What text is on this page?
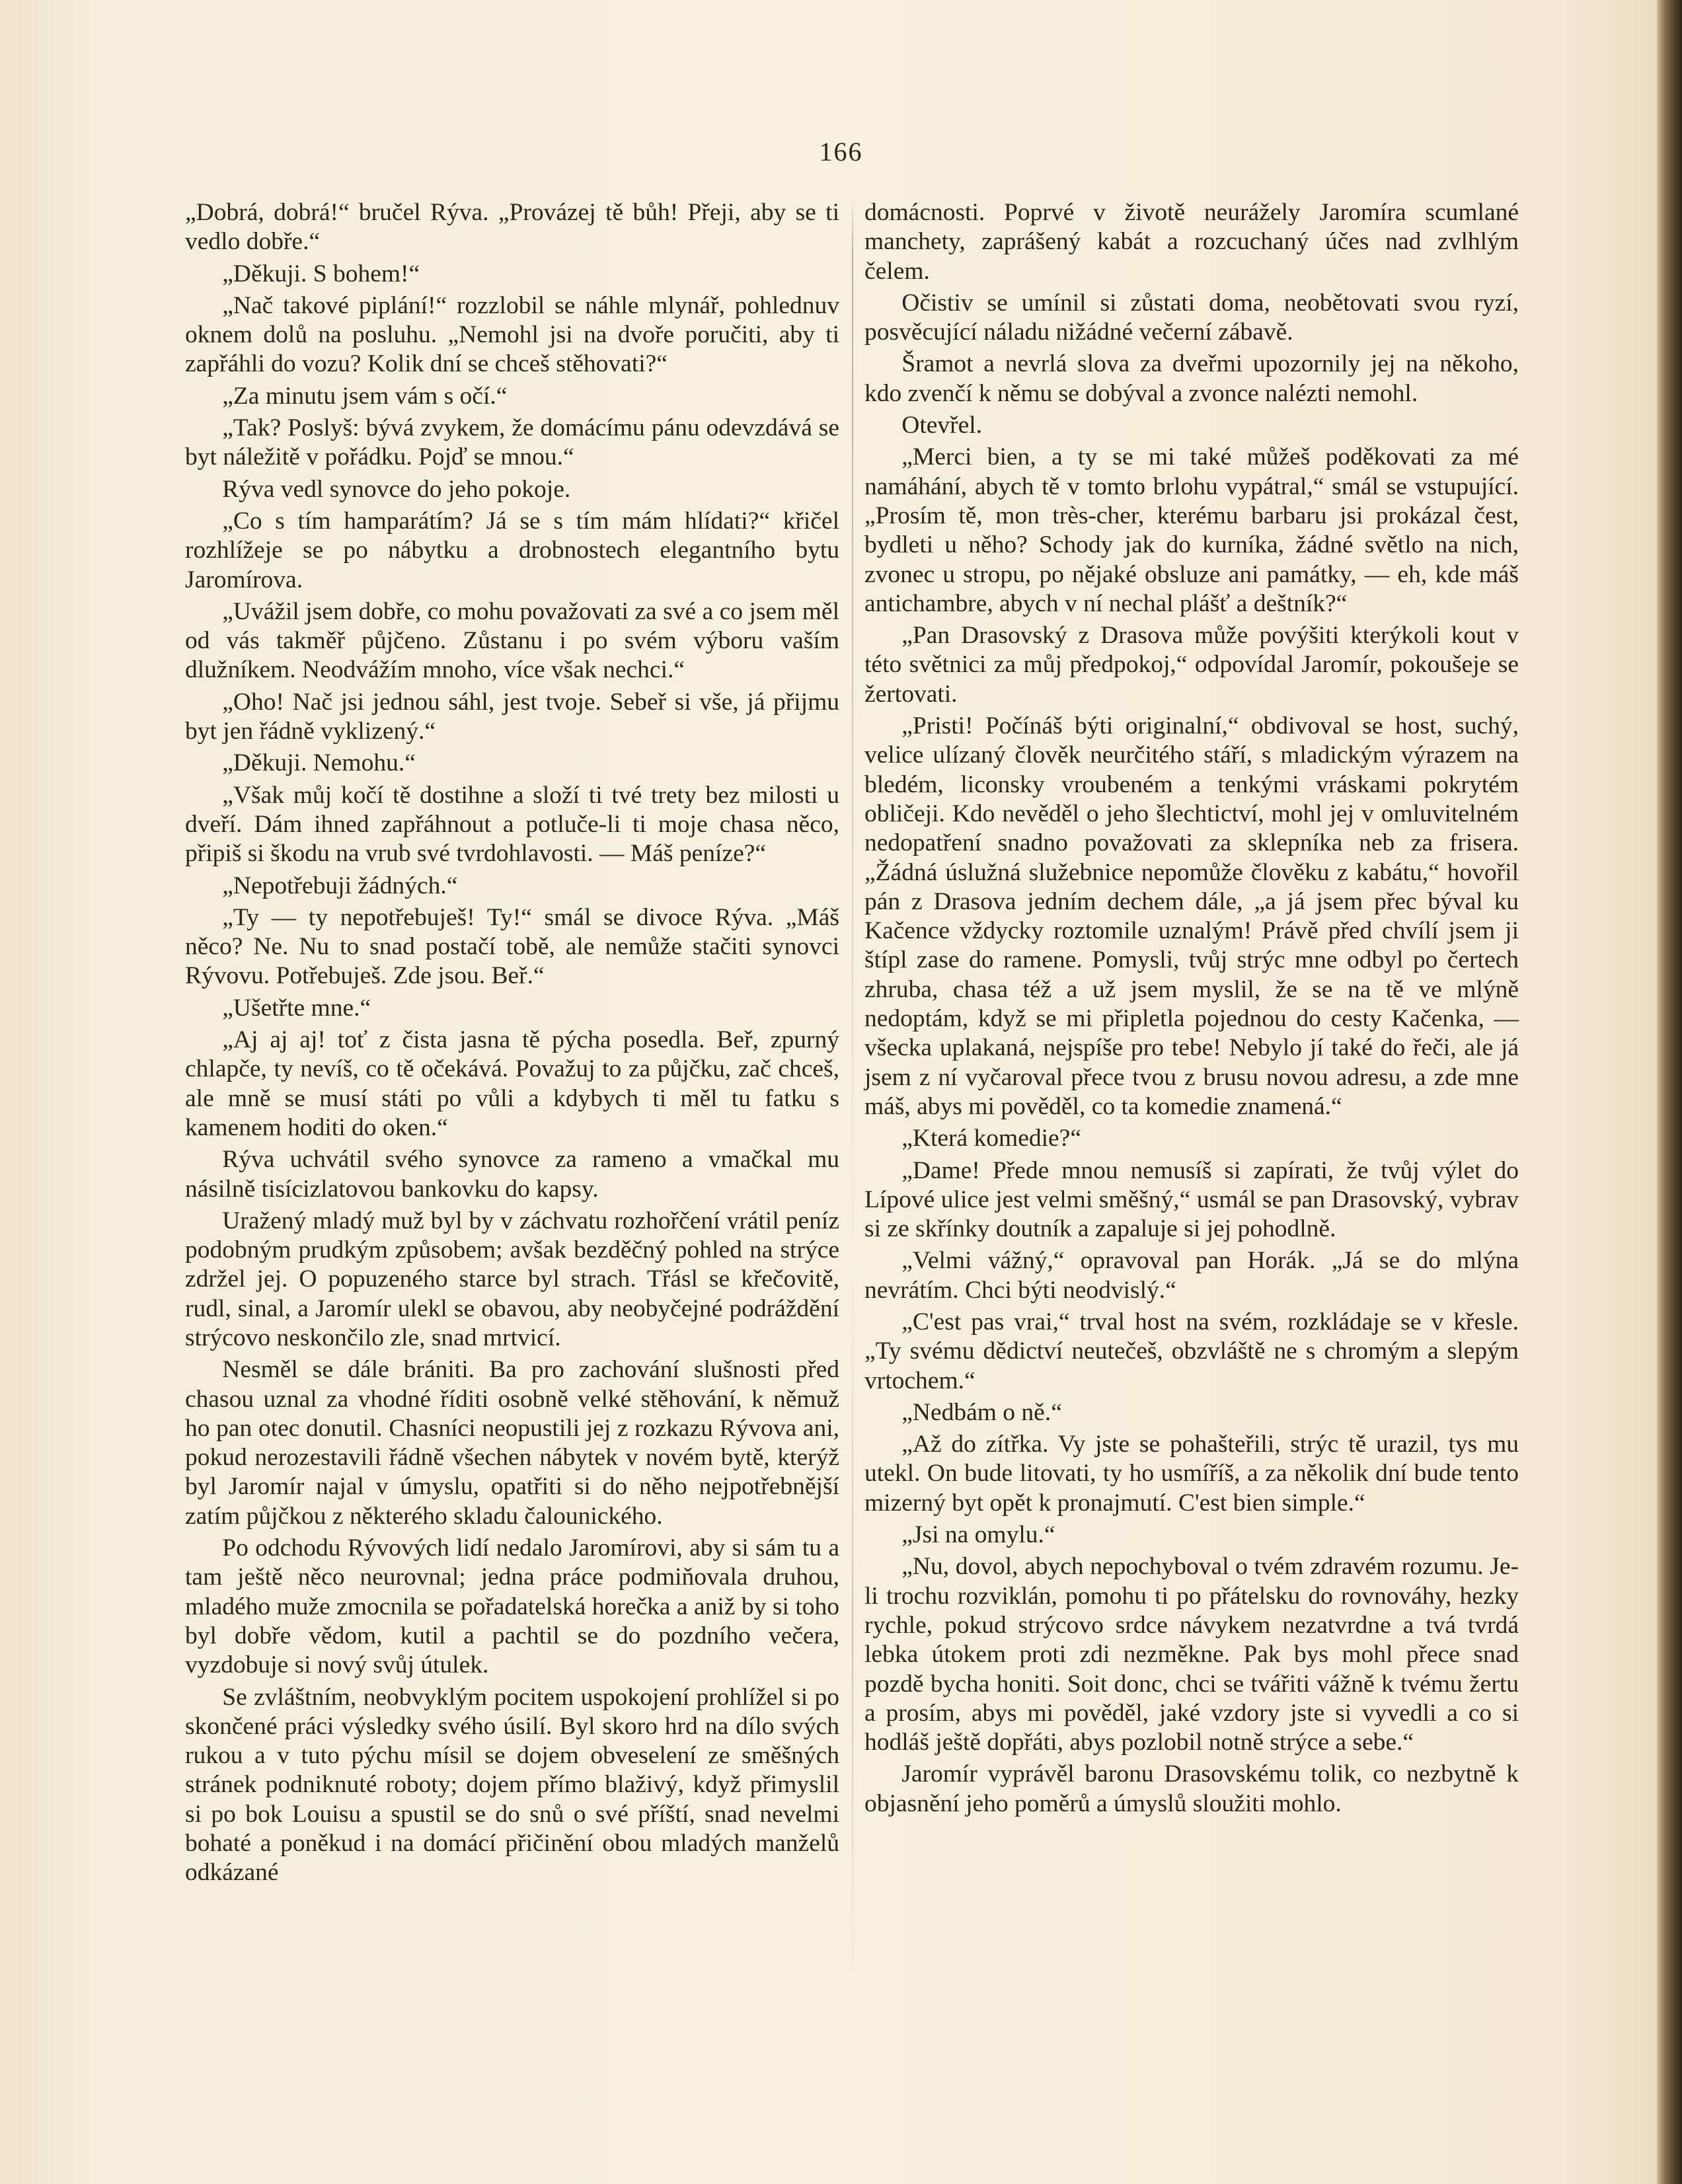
166

„Dobrá, dobrá!“ bručel Rýva. „Provázej tě bůh! Přeji, aby se ti vedlo dobře.“

„Děkuji. S bohem!“

„Nač takové piplání!“ rozzlobil se náhle mlynář, pohlednuv oknem dolů na posluhu. „Nemohl jsi na dvoře poručiti, aby ti zapřáhli do vozu? Kolik dní se chceš stěhovati?“

„Za minutu jsem vám s očí.“

„Tak? Poslyš: bývá zvykem, že domácímu pánu odevzdává se byt náležitě v pořádku. Pojď se mnou.“

Rýva vedl synovce do jeho pokoje.

„Co s tím hamparátím? Já se s tím mám hlídati?“ křičel rozhlížeje se po nábytku a drobnostech elegantního bytu Jaromírova.

„Uvážil jsem dobře, co mohu považovati za své a co jsem měl od vás takměř půjčeno. Zůstanu i po svém výboru vaším dlužníkem. Neodvážím mnoho, více však nechci.“

„Oho! Nač jsi jednou sáhl, jest tvoje. Sebeř si vše, já přijmu byt jen řádně vyklizený.“

„Děkuji. Nemohu.“

„Však můj kočí tě dostihne a složí ti tvé trety bez milosti u dveří. Dám ihned zapřáhnout a potluče-li ti moje chasa něco, připiš si škodu na vrub své tvrdohlavosti. — Máš peníze?“

„Nepotřebuji žádných.“

„Ty — ty nepotřebuješ! Ty!“ smál se divoce Rýva. „Máš něco? Ne. Nu to snad postačí tobě, ale nemůže stačiti synovci Rývovu. Potřebuješ. Zde jsou. Beř.“

„Ušetřte mne.“

„Aj aj aj! toť z čista jasna tě pýcha posedla. Beř, zpurný chlapče, ty nevíš, co tě očekává. Považuj to za půjčku, zač chceš, ale mně se musí státi po vůli a kdybych ti měl tu fatku s kamenem hoditi do oken.“

Rýva uchvátil svého synovce za rameno a vmačkal mu násilně tisícizlatovou bankovku do kapsy.

Uražený mladý muž byl by v záchvatu rozhořčení vrátil peníz podobným prudkým způsobem; avšak bezděčný pohled na strýce zdržel jej. O popuzeného starce byl strach. Třásl se křečovitě, rudl, sinal, a Jaromír ulekl se obavou, aby neobyčejné podráždění strýcovo neskončilo zle, snad mrtvicí.

Nesměl se dále brániti. Ba pro zachování slušnosti před chasou uznal za vhodné říditi osobně velké stěhování, k němuž ho pan otec donutil. Chasníci neopustili jej z rozkazu Rývova ani, pokud nerozestavili řádně všechen nábytek v novém bytě, kterýž byl Jaromír najal v úmyslu, opatřiti si do něho nejpotřebnější zatím půjčkou z některého skladu čalounického.

Po odchodu Rývových lidí nedalo Jaromírovi, aby si sám tu a tam ještě něco neurovnal; jedna práce podmiňovala druhou, mladého muže zmocnila se pořadatelská horečka a aniž by si toho byl dobře vědom, kutil a pachtil se do pozdního večera, vyzdobuje si nový svůj útulek.

Se zvláštním, neobvyklým pocitem uspokojení prohlížel si po skončené práci výsledky svého úsilí. Byl skoro hrd na dílo svých rukou a v tuto pýchu mísil se dojem obveselení ze směšných stránek podniknuté roboty; dojem přímo blaživý, když přimyslil si po bok Louisu a spustil se do snů o své příští, snad nevelmi bohaté a poněkud i na domácí přičinění obou mladých manželů odkázané

domácnosti. Poprvé v životě neurážely Jaromíra scumlané manchety, zaprášený kabát a rozcuchaný účes nad zvlhlým čelem.

Očistiv se umínil si zůstati doma, neobětovati svou ryzí, posvěcující náladu nižádné večerní zábavě.

Šramot a nevrlá slova za dveřmi upozornily jej na někoho, kdo zvenčí k němu se dobýval a zvonce nalézti nemohl.

Otevřel.

„Merci bien, a ty se mi také můžeš poděkovati za mé namáhání, abych tě v tomto brlohu vypátral,“ smál se vstupující. „Prosím tě, mon très-cher, kterému barbaru jsi prokázal čest, bydleti u něho? Schody jak do kurníka, žádné světlo na nich, zvonec u stropu, po nějaké obsluze ani památky, — eh, kde máš antichambre, abych v ní nechal plášť a deštník?“

„Pan Drasovský z Drasova může povýšiti kterýkoli kout v této světnici za můj předpokoj,“ odpovídal Jaromír, pokoušeje se žertovati.

„Pristi! Počínáš býti originalní,“ obdivoval se host, suchý, velice ulízaný člověk neurčitého stáří, s mladickým výrazem na bledém, liconsky vroubeném a tenkými vráskami pokrytém obličeji. Kdo nevěděl o jeho šlechtictví, mohl jej v omluvitelném nedopatření snadno považovati za sklepníka neb za frisera. „Žádná úslužná služebnice nepomůže člověku z kabátu,“ hovořil pán z Drasova jedním dechem dále, „a já jsem přec býval ku Kačence vždycky roztomile uznalým! Právě před chvílí jsem ji štípl zase do ramene. Pomysli, tvůj strýc mne odbyl po čertech zhruba, chasa též a už jsem myslil, že se na tě ve mlýně nedoptám, když se mi připletla pojednou do cesty Kačenka, — všecka uplakaná, nejspíše pro tebe! Nebylo jí také do řeči, ale já jsem z ní vyčaroval přece tvou z brusu novou adresu, a zde mne máš, abys mi pověděl, co ta komedie znamená.“

„Která komedie?“

„Dame! Přede mnou nemusíš si zapírati, že tvůj výlet do Lípové ulice jest velmi směšný,“ usmál se pan Drasovský, vybrav si ze skřínky doutník a zapaluje si jej pohodlně.

„Velmi vážný,“ opravoval pan Horák. „Já se do mlýna nevrátím. Chci býti neodvislý.“

„C'est pas vrai,“ trval host na svém, rozkládaje se v křesle. „Ty svému dědictví neutečeš, obzvláště ne s chromým a slepým vrtochem.“

„Nedbám o ně.“

„Až do zítřka. Vy jste se pohašteřili, strýc tě urazil, tys mu utekl. On bude litovati, ty ho usmíříš, a za několik dní bude tento mizerný byt opět k pronajmutí. C'est bien simple.“

„Jsi na omylu.“

„Nu, dovol, abych nepochyboval o tvém zdravém rozumu. Je-li trochu rozviklán, pomohu ti po přátelsku do rovnováhy, hezky rychle, pokud strýcovo srdce návykem nezatvrdne a tvá tvrdá lebka útokem proti zdi nezměkne. Pak bys mohl přece snad pozdě bycha honiti. Soit donc, chci se tvářiti vážně k tvému žertu a prosím, abys mi pověděl, jaké vzdory jste si vyvedli a co si hodláš ještě dopřáti, abys pozlobil notně strýce a sebe.“

Jaromír vyprávěl baronu Drasovskému tolik, co nezbytně k objasnění jeho poměrů a úmyslů sloužiti mohlo.
